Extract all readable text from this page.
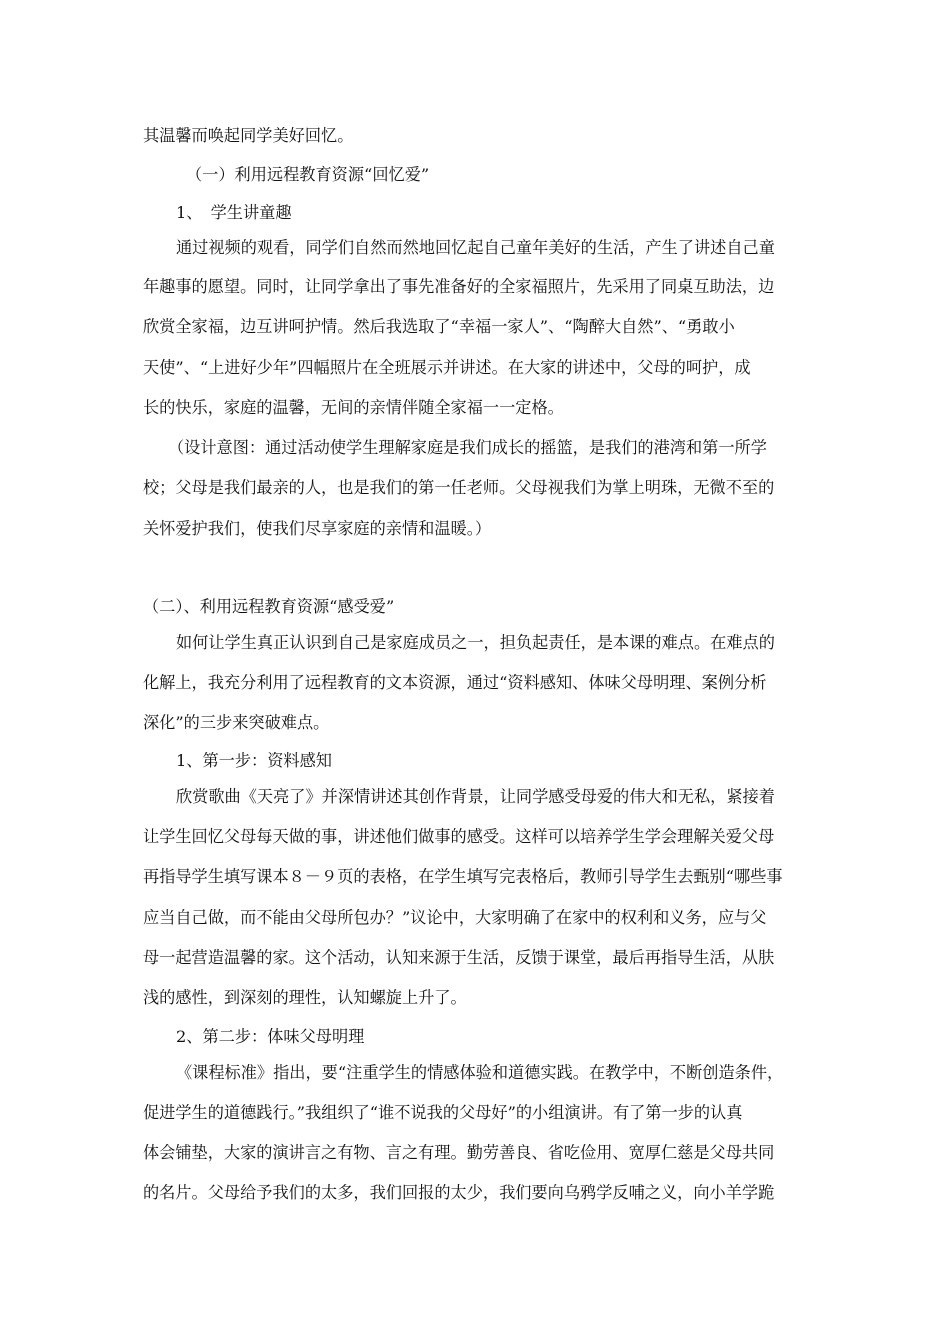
其温馨而唤起同学美好回忆。
（一）利用远程教育资源“回忆爱”
1、　学生讲童趣
通过视频的观看，同学们自然而然地回忆起自己童年美好的生活，产生了讲述自己童
年趣事的愿望。同时，让同学拿出了事先准备好的全家福照片，先采用了同桌互助法，边
欣赏全家福，边互讲呵护情。然后我选取了“幸福一家人”、“陶醉大自然”、“勇敢小
天使”、“上进好少年”四幅照片在全班展示并讲述。在大家的讲述中，父母的呵护，成
长的快乐，家庭的温馨，无间的亲情伴随全家福一一定格。
（设计意图：通过活动使学生理解家庭是我们成长的摇篮，是我们的港湾和第一所学
校；父母是我们最亲的人，也是我们的第一任老师。父母视我们为掌上明珠，无微不至的
关怀爱护我们，使我们尽享家庭的亲情和温暖。）
（二）、利用远程教育资源“感受爱”
如何让学生真正认识到自己是家庭成员之一，担负起责任，是本课的难点。在难点的
化解上，我充分利用了远程教育的文本资源，通过“资料感知、体味父母明理、案例分析
深化”的三步来突破难点。
1、第一步：资料感知
欣赏歌曲《天亮了》并深情讲述其创作背景，让同学感受母爱的伟大和无私，紧接着
让学生回忆父母每天做的事，讲述他们做事的感受。这样可以培养学生学会理解关爱父母
再指导学生填写课本８－９页的表格，在学生填写完表格后，教师引导学生去甄别“哪些事
应当自己做，而不能由父母所包办？”议论中，大家明确了在家中的权利和义务，应与父
母一起营造温馨的家。这个活动，认知来源于生活，反馈于课堂，最后再指导生活，从肤
浅的感性，到深刻的理性，认知螺旋上升了。
2、第二步：体味父母明理
《课程标准》指出，要“注重学生的情感体验和道德实践。在教学中，不断创造条件，
促进学生的道德践行。”我组织了“谁不说我的父母好”的小组演讲。有了第一步的认真
体会铺垫，大家的演讲言之有物、言之有理。勤劳善良、省吃俭用、宽厚仁慈是父母共同
的名片。父母给予我们的太多，我们回报的太少，我们要向乌鸦学反哺之义，向小羊学跪
